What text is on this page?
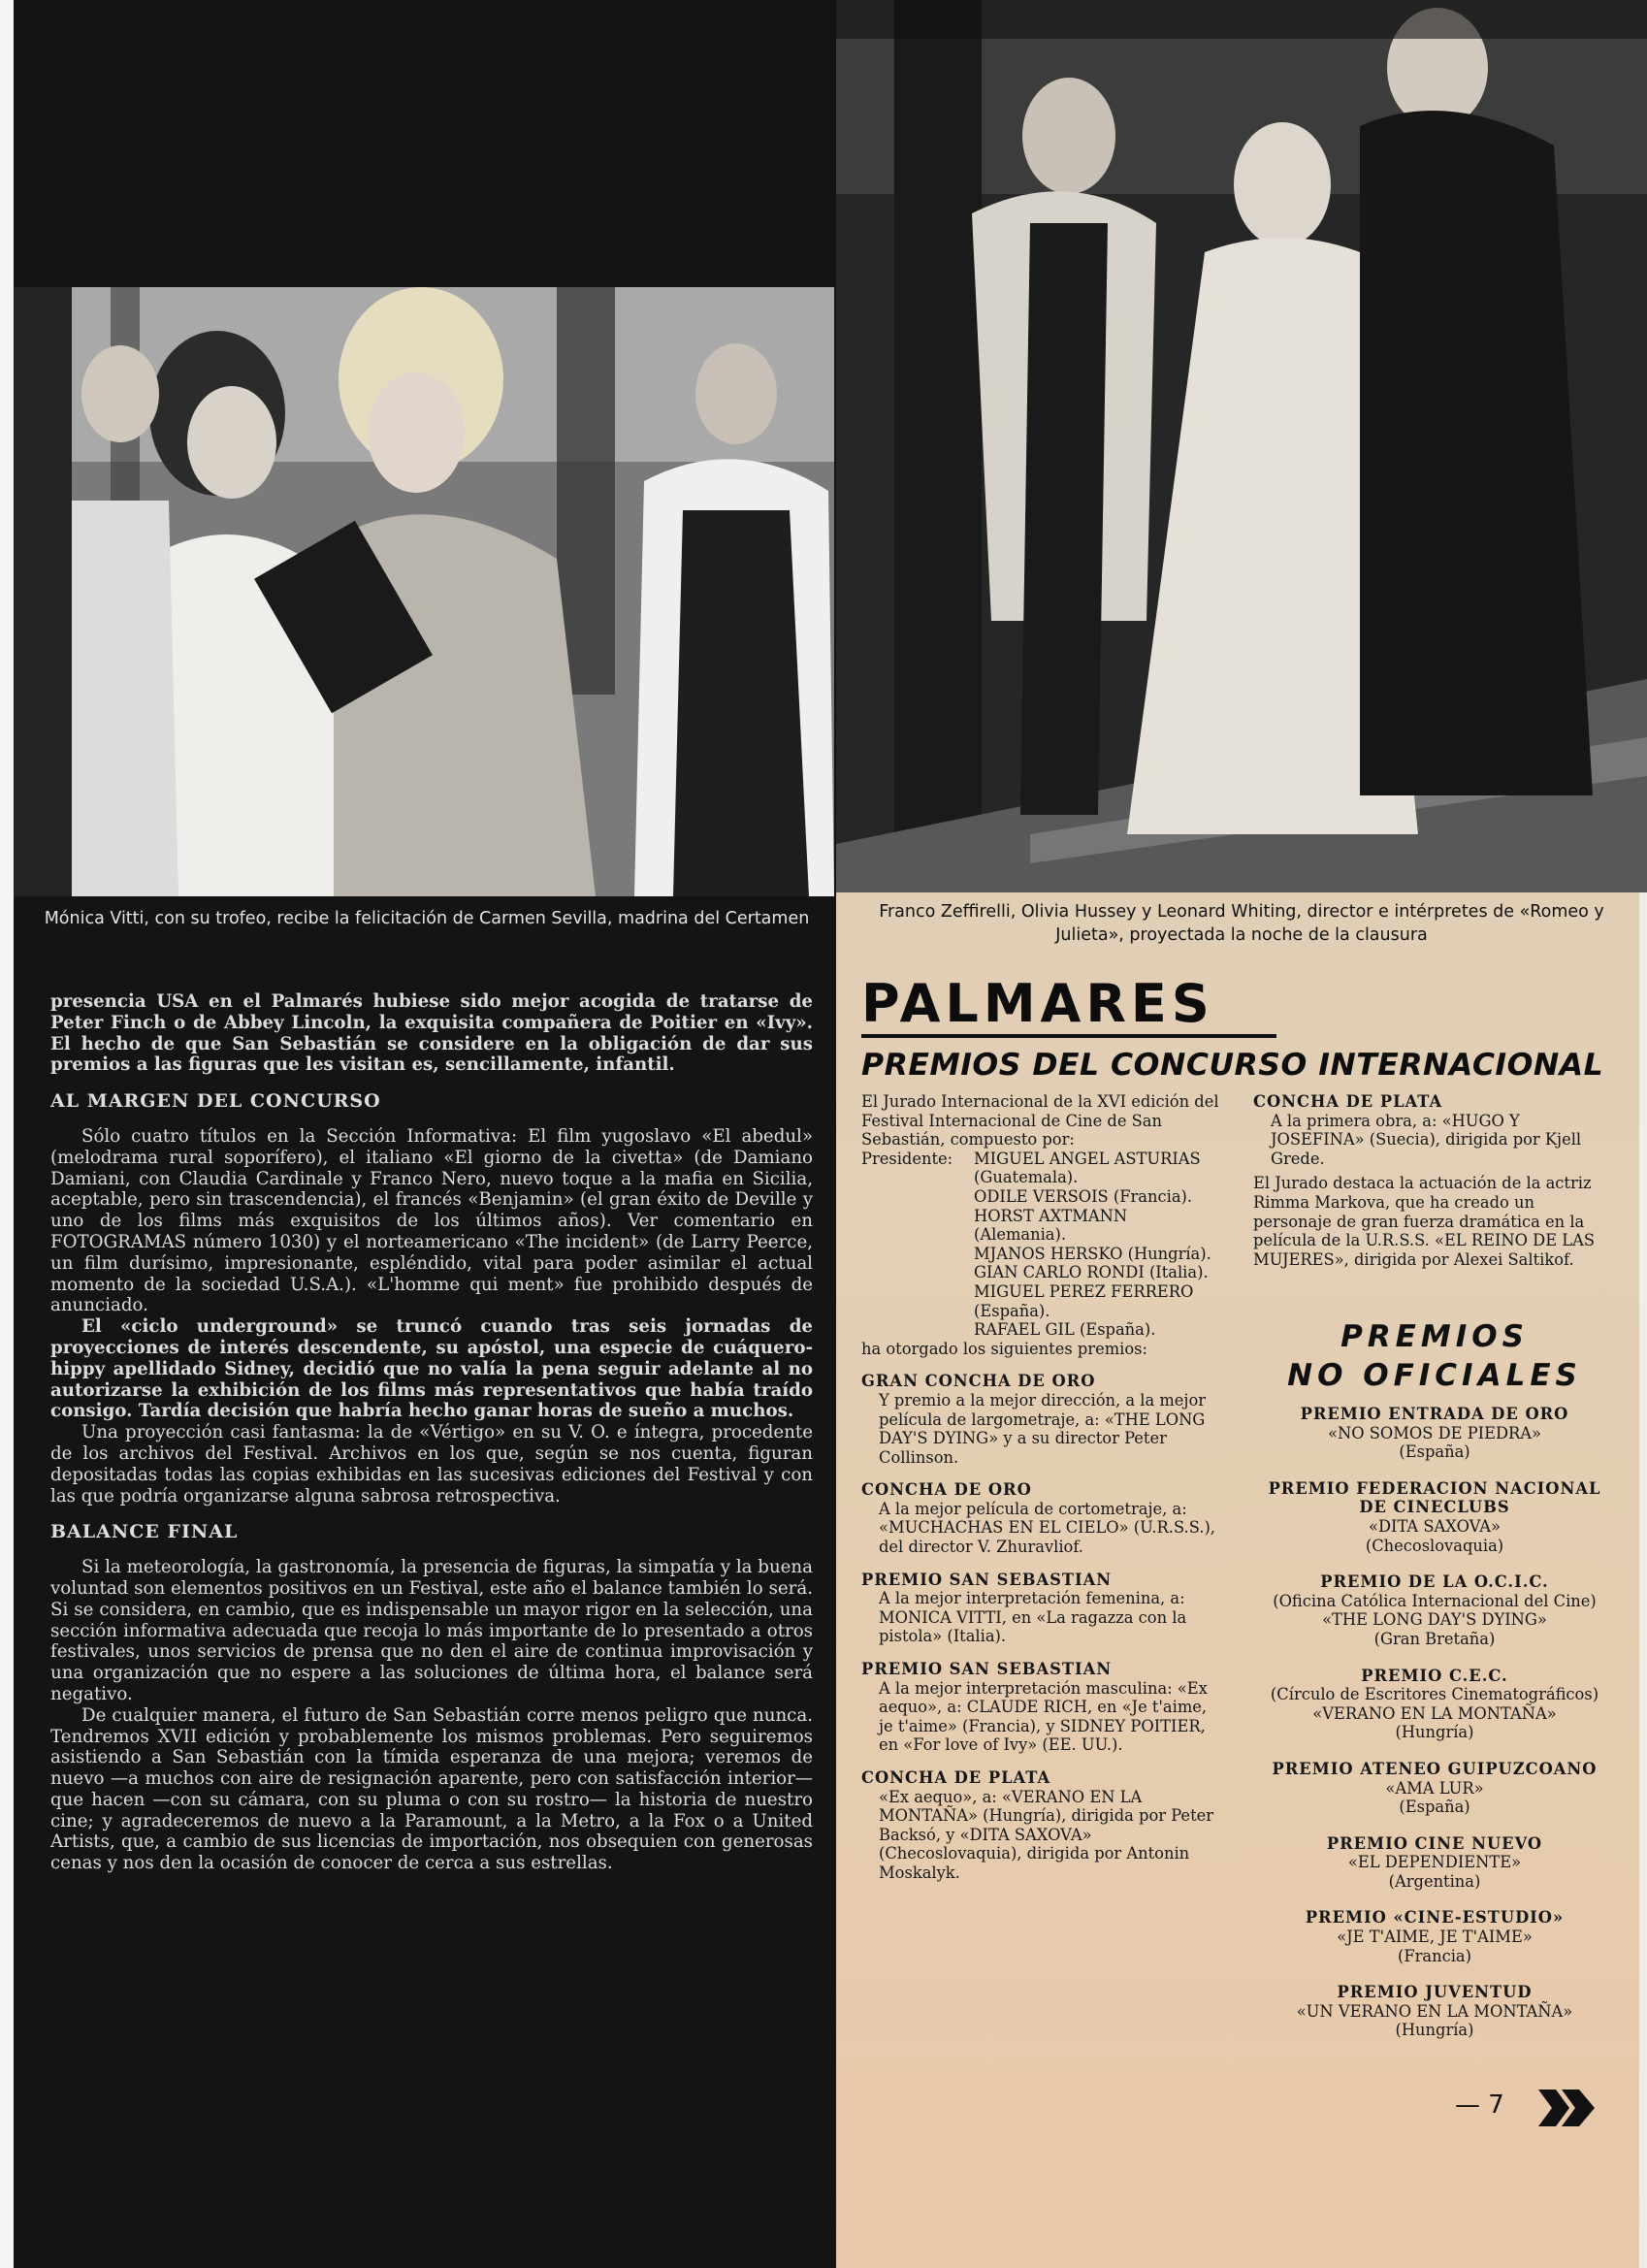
Mónica Vitti, con su trofeo, recibe la felicitación de Carmen Sevilla, madrina del Certamen	Franco Zeffirelli, Olivia Hussey y Leonard Whiting, director e intérpretes de «Romeo y Julieta», proyectada la noche de la clausura

presencia USA en el Palmarés hubiese sido mejor acogida de tratarse de Peter Finch o de Abbey Lincoln, la exquisita compañera de Poitier en «Ivy». El hecho de que San Sebastián se considere en la obligación de dar sus premios a las figuras que les visitan es, sencillamente, infantil.

AL MARGEN DEL CONCURSO

Sólo cuatro títulos en la Sección Informativa: El film yugoslavo «El abedul» (melodrama rural soporífero), el italiano «El giorno de la civetta» (de Damiano Damiani, con Claudia Cardinale y Franco Nero, nuevo toque a la mafia en Sicilia, aceptable, pero sin trascendencia), el francés «Benjamin» (el gran éxito de Deville y uno de los films más exquisitos de los últimos años). Ver comentario en FOTOGRAMAS número 1030) y el norteamericano «The incident» (de Larry Peerce, un film durísimo, impresionante, espléndido, vital para poder asimilar el actual momento de la sociedad U.S.A.). «L'homme qui ment» fue prohibido después de anunciado.

El «ciclo underground» se truncó cuando tras seis jornadas de proyecciones de interés descendente, su apóstol, una especie de cuáquero-hippy apellidado Sidney, decidió que no valía la pena seguir adelante al no autorizarse la exhibición de los films más representativos que había traído consigo. Tardía decisión que habría hecho ganar horas de sueño a muchos.

Una proyección casi fantasma: la de «Vértigo» en su V. O. e íntegra, procedente de los archivos del Festival. Archivos en los que, según se nos cuenta, figuran depositadas todas las copias exhibidas en las sucesivas ediciones del Festival y con las que podría organizarse alguna sabrosa retrospectiva.

BALANCE FINAL

Si la meteorología, la gastronomía, la presencia de figuras, la simpatía y la buena voluntad son elementos positivos en un Festival, este año el balance también lo será. Si se considera, en cambio, que es indispensable un mayor rigor en la selección, una sección informativa adecuada que recoja lo más importante de lo presentado a otros festivales, unos servicios de prensa que no den el aire de continua improvisación y una organización que no espere a las soluciones de última hora, el balance será negativo.

De cualquier manera, el futuro de San Sebastián corre menos peligro que nunca. Tendremos XVII edición y probablemente los mismos problemas. Pero seguiremos asistiendo a San Sebastián con la tímida esperanza de una mejora; veremos de nuevo —a muchos con aire de resignación aparente, pero con satisfacción interior— que hacen —con su cámara, con su pluma o con su rostro— la historia de nuestro cine; y agradeceremos de nuevo a la Paramount, a la Metro, a la Fox o a United Artists, que, a cambio de sus licencias de importación, nos obsequien con generosas cenas y nos den la ocasión de conocer de cerca a sus estrellas.

PALMARES
PREMIOS DEL CONCURSO INTERNACIONAL

El Jurado Internacional de la XVI edición del Festival Internacional de Cine de San Sebastián, compuesto por:

Presidente:	MIGUEL ANGEL ASTURIAS (Guatemala).
ODILE VERSOIS (Francia).
HORST AXTMANN (Alemania).
MJANOS HERSKO (Hungría).
GIAN CARLO RONDI (Italia).
MIGUEL PEREZ FERRERO (España).
RAFAEL GIL (España).

ha otorgado los siguientes premios:

GRAN CONCHA DE ORO

Y premio a la mejor dirección, a la mejor película de largometraje, a: «THE LONG DAY'S DYING» y a su director Peter Collinson.

CONCHA DE ORO

A la mejor película de cortometraje, a: «MUCHACHAS EN EL CIELO» (U.R.S.S.), del director V. Zhuravliof.

PREMIO SAN SEBASTIAN

A la mejor interpretación femenina, a: MONICA VITTI, en «La ragazza con la pistola» (Italia).

PREMIO SAN SEBASTIAN

A la mejor interpretación masculina: «Ex aequo», a: CLAUDE RICH, en «Je t'aime, je t'aime» (Francia), y SIDNEY POITIER, en «For love of Ivy» (EE. UU.).

CONCHA DE PLATA

«Ex aequo», a: «VERANO EN LA MONTAÑA» (Hungría), dirigida por Peter Backsó, y «DITA SAXOVA» (Checoslovaquia), dirigida por Antonin Moskalyk.

CONCHA DE PLATA

A la primera obra, a: «HUGO Y JOSEFINA» (Suecia), dirigida por Kjell Grede.

El Jurado destaca la actuación de la actriz Rimma Markova, que ha creado un personaje de gran fuerza dramática en la película de la U.R.S.S. «EL REINO DE LAS MUJERES», dirigida por Alexei Saltikof.

PREMIOS
NO OFICIALES
PREMIO ENTRADA DE ORO
«NO SOMOS DE PIEDRA»
(España)
PREMIO FEDERACION NACIONAL DE CINECLUBS
«DITA SAXOVA»
(Checoslovaquia)
PREMIO DE LA O.C.I.C.
(Oficina Católica Internacional del Cine)
«THE LONG DAY'S DYING»
(Gran Bretaña)
PREMIO C.E.C.
(Círculo de Escritores Cinematográficos)
«VERANO EN LA MONTAÑA»
(Hungría)
PREMIO ATENEO GUIPUZCOANO
«AMA LUR»
(España)
PREMIO CINE NUEVO
«EL DEPENDIENTE»
(Argentina)
PREMIO «CINE-ESTUDIO»
«JE T'AIME, JE T'AIME»
(Francia)
PREMIO JUVENTUD
«UN VERANO EN LA MONTAÑA»
(Hungría)
— 7
